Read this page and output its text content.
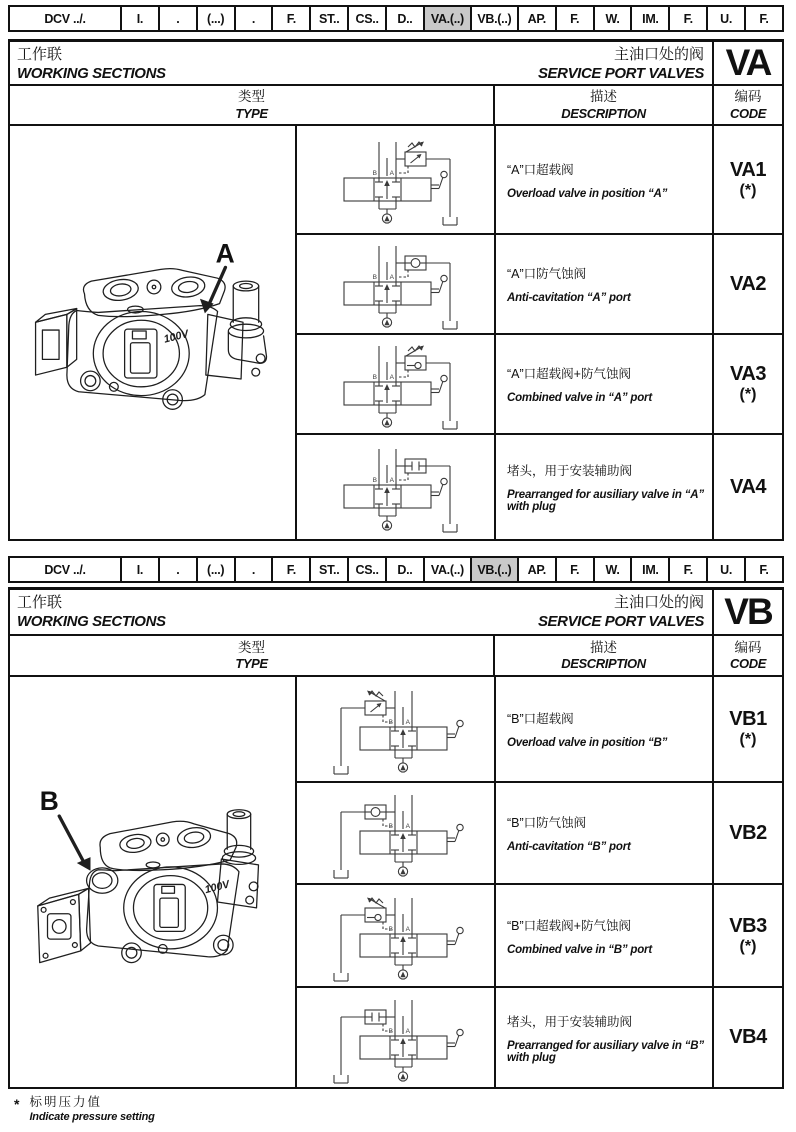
DCV ../.	I.	.	(...)	.	F.	ST..	CS..	D..	VA.(..)	VB.(..)	AP.	F.	W.	IM.	F.	U.	F.
工作联
WORKING SECTIONS
主油口处的阀
SERVICE PORT VALVES VA
类型
TYPE
描述
DESCRIPTION
编码
CODE
A
100V
B A	“A”口超载阀
Overload valve in position “A”
VA1
(*)
B A	“A”口防气蚀阀
Anti-cavitation “A” port
VA2
B A	“A”口超载阀+防气蚀阀
Combined valve in “A” port
VA3
(*)
B A
堵头，用于安装辅助阀
Prearranged for ausiliary valve in “A” with plug
VA4
DCV ../.	I.	.	(...)	.	F.	ST..	CS..	D..	VA.(..)	VB.(..)	AP.	F.	W.	IM.	F.	U.	F.
工作联
WORKING SECTIONS
主油口处的阀
SERVICE PORT VALVES VB
类型
TYPE
描述
DESCRIPTION
编码
CODE
B
100V
B A	“B”口超载阀
Overload valve in position “B”
VB1
(*)
B A	“B”口防气蚀阀
Anti-cavitation “B” port
VB2
B A	“B”口超载阀+防气蚀阀
Combined valve in “B” port
VB3
(*)
B A
堵头，用于安装辅助阀
Prearranged for ausiliary valve in “B” with plug
VB4
* 标明压力值
Indicate pressure setting
